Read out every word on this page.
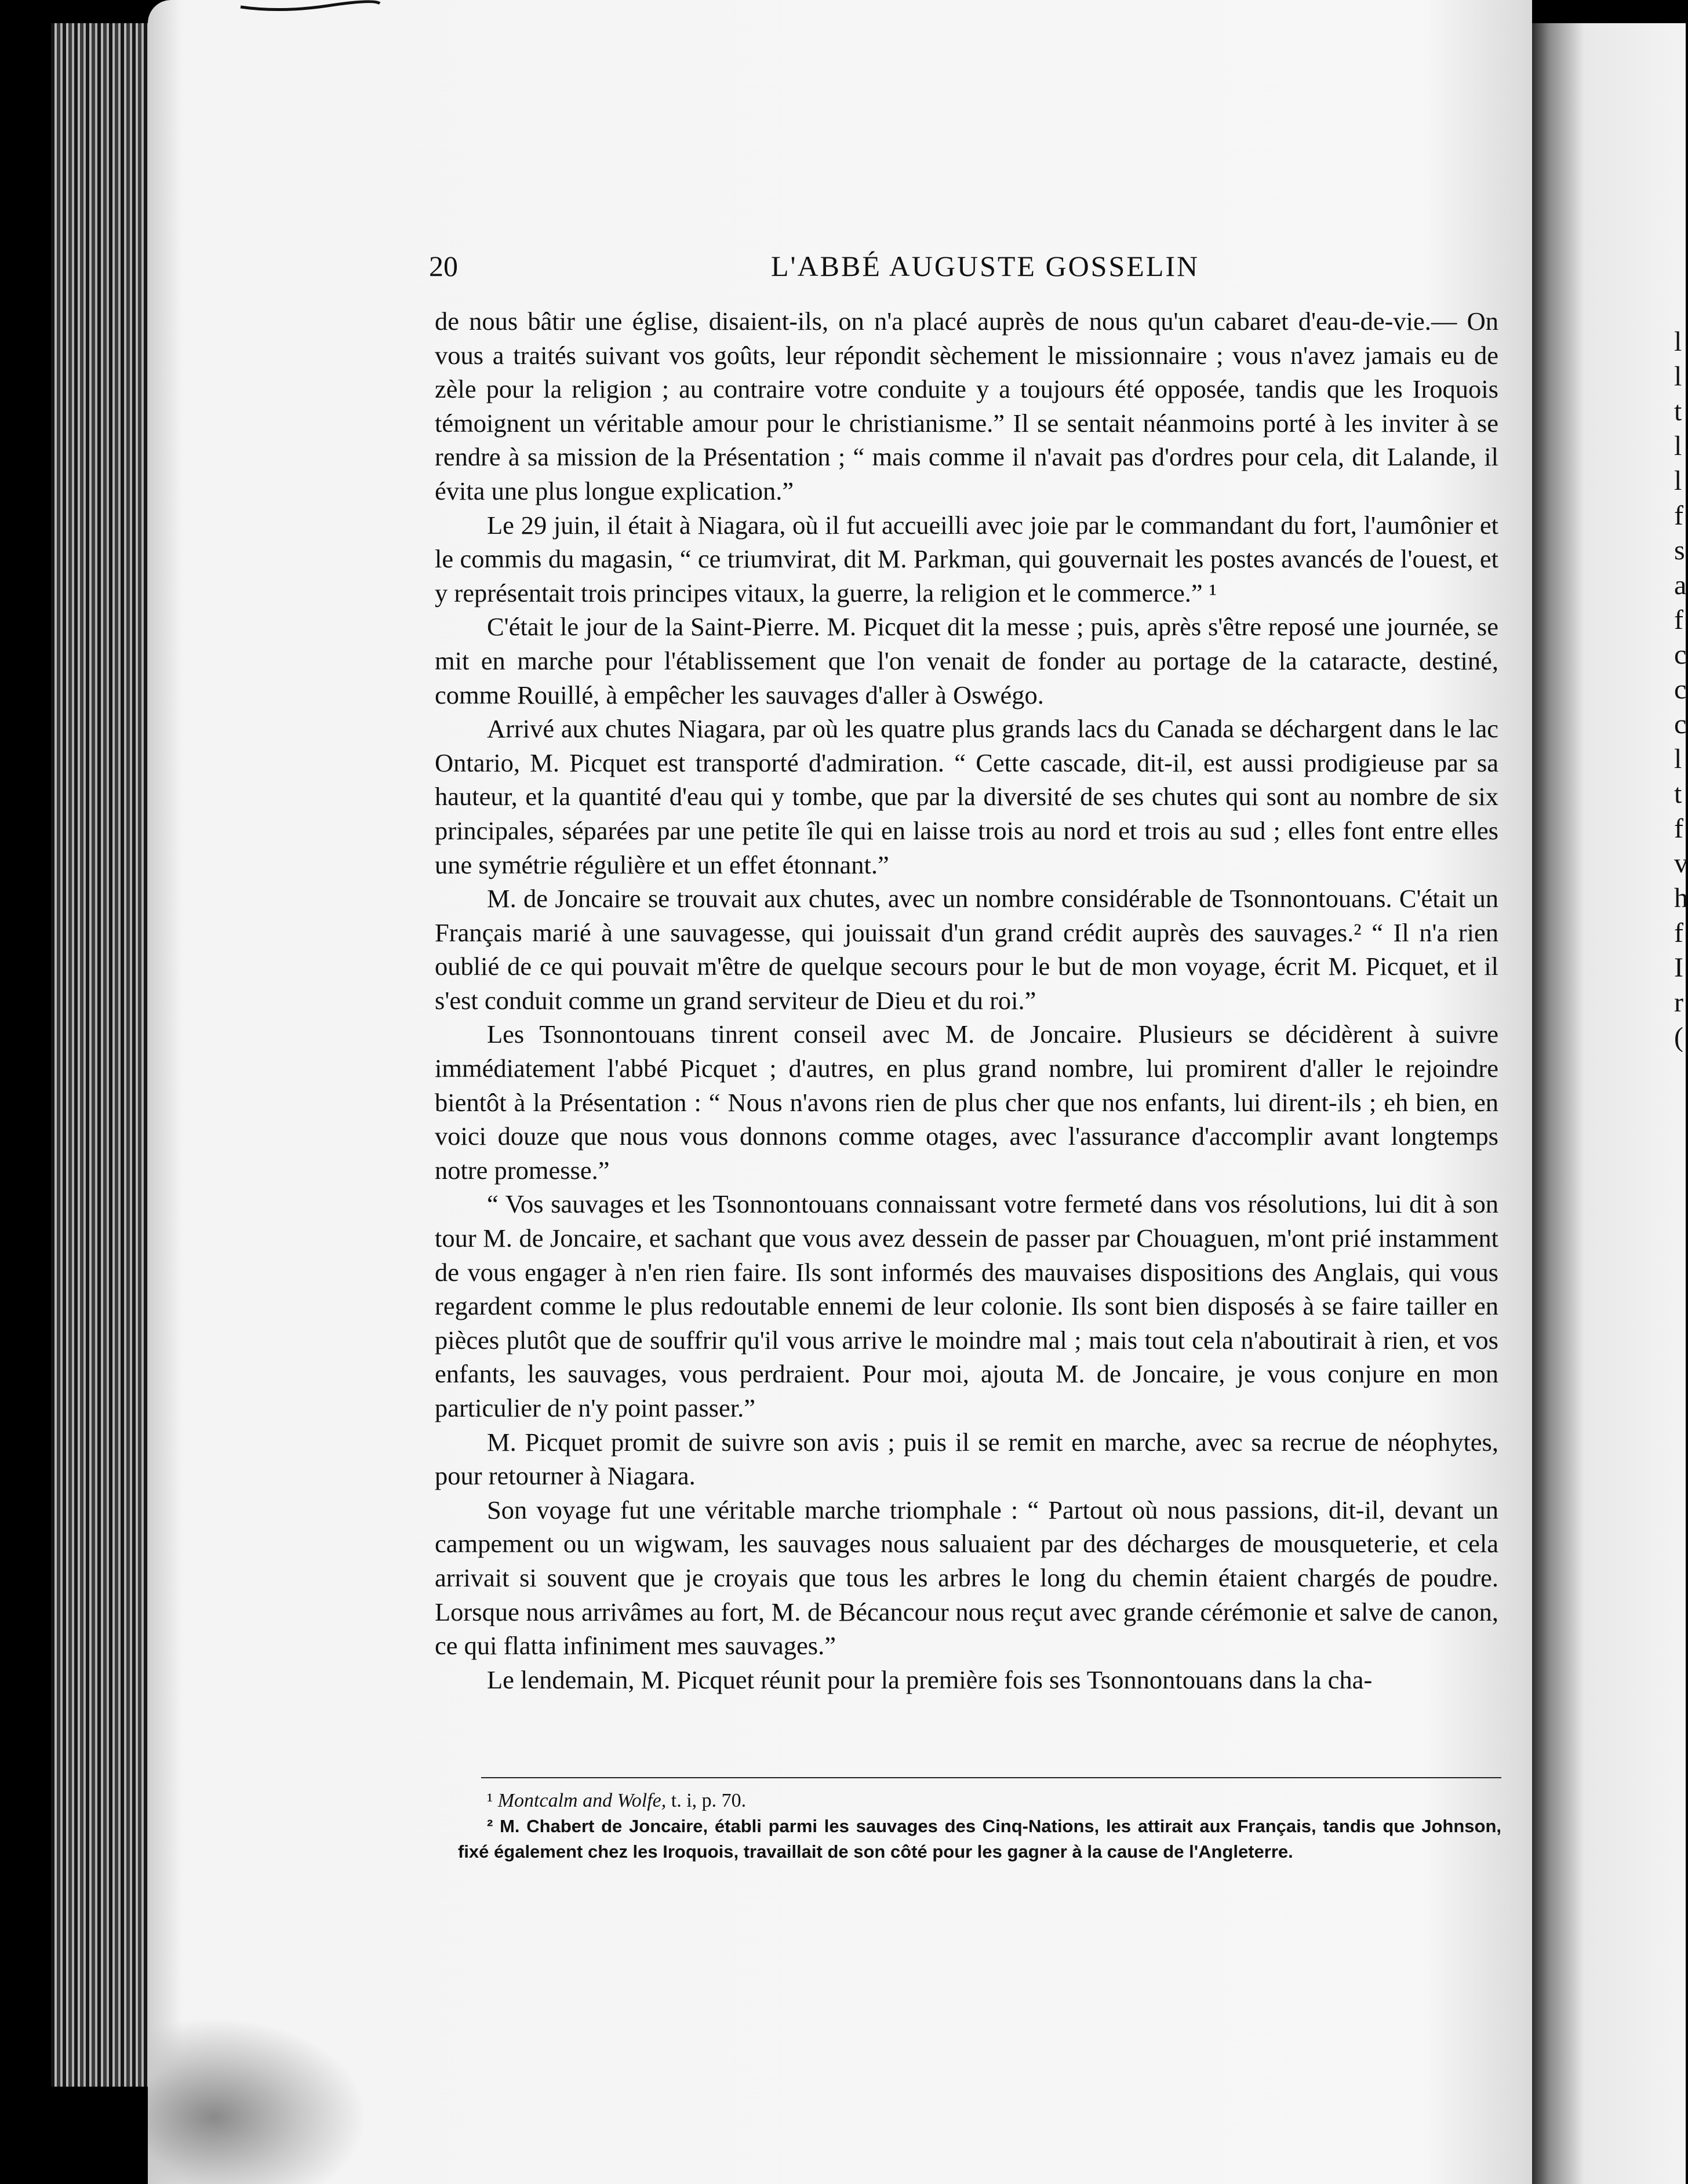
l l t l l f s a f c c c l t f v h f I r (
20	L'ABBÉ AUGUSTE GOSSELIN

de nous bâtir une église, disaient-ils, on n'a placé auprès de nous qu'un cabaret d'eau-de-vie.— On vous a traités suivant vos goûts, leur répondit sèchement le missionnaire ; vous n'avez jamais eu de zèle pour la religion ; au contraire votre conduite y a toujours été opposée, tandis que les Iroquois témoignent un véritable amour pour le christianisme.” Il se sentait néanmoins porté à les inviter à se rendre à sa mission de la Présentation ; “ mais comme il n'avait pas d'ordres pour cela, dit Lalande, il évita une plus longue explication.”

Le 29 juin, il était à Niagara, où il fut accueilli avec joie par le commandant du fort, l'aumônier et le commis du magasin, “ ce triumvirat, dit M. Parkman, qui gouvernait les postes avancés de l'ouest, et y représentait trois principes vitaux, la guerre, la religion et le commerce.” ¹

C'était le jour de la Saint-Pierre. M. Picquet dit la messe ; puis, après s'être reposé une journée, se mit en marche pour l'établissement que l'on venait de fonder au portage de la cataracte, destiné, comme Rouillé, à empêcher les sauvages d'aller à Oswégo.

Arrivé aux chutes Niagara, par où les quatre plus grands lacs du Canada se déchargent dans le lac Ontario, M. Picquet est transporté d'admiration. “ Cette cascade, dit-il, est aussi prodigieuse par sa hauteur, et la quantité d'eau qui y tombe, que par la diversité de ses chutes qui sont au nombre de six principales, séparées par une petite île qui en laisse trois au nord et trois au sud ; elles font entre elles une symétrie régulière et un effet étonnant.”

M. de Joncaire se trouvait aux chutes, avec un nombre considérable de Tsonnontouans. C'était un Français marié à une sauvagesse, qui jouissait d'un grand crédit auprès des sauvages.² “ Il n'a rien oublié de ce qui pouvait m'être de quelque secours pour le but de mon voyage, écrit M. Picquet, et il s'est conduit comme un grand serviteur de Dieu et du roi.”

Les Tsonnontouans tinrent conseil avec M. de Joncaire. Plusieurs se décidèrent à suivre immédiatement l'abbé Picquet ; d'autres, en plus grand nombre, lui promirent d'aller le rejoindre bientôt à la Présentation : “ Nous n'avons rien de plus cher que nos enfants, lui dirent-ils ; eh bien, en voici douze que nous vous donnons comme otages, avec l'assurance d'accomplir avant longtemps notre promesse.”

“ Vos sauvages et les Tsonnontouans connaissant votre fermeté dans vos résolutions, lui dit à son tour M. de Joncaire, et sachant que vous avez dessein de passer par Chouaguen, m'ont prié instamment de vous engager à n'en rien faire. Ils sont informés des mauvaises dispositions des Anglais, qui vous regardent comme le plus redoutable ennemi de leur colonie. Ils sont bien disposés à se faire tailler en pièces plutôt que de souffrir qu'il vous arrive le moindre mal ; mais tout cela n'aboutirait à rien, et vos enfants, les sauvages, vous perdraient. Pour moi, ajouta M. de Joncaire, je vous conjure en mon particulier de n'y point passer.”

M. Picquet promit de suivre son avis ; puis il se remit en marche, avec sa recrue de néophytes, pour retourner à Niagara.

Son voyage fut une véritable marche triomphale : “ Partout où nous passions, dit-il, devant un campement ou un wigwam, les sauvages nous saluaient par des décharges de mousqueterie, et cela arrivait si souvent que je croyais que tous les arbres le long du chemin étaient chargés de poudre. Lorsque nous arrivâmes au fort, M. de Bécancour nous reçut avec grande cérémonie et salve de canon, ce qui flatta infiniment mes sauvages.”

Le lendemain, M. Picquet réunit pour la première fois ses Tsonnontouans dans la cha-

¹ Montcalm and Wolfe, t. i, p. 70.

² M. Chabert de Joncaire, établi parmi les sauvages des Cinq-Nations, les attirait aux Français, tandis que Johnson, fixé également chez les Iroquois, travaillait de son côté pour les gagner à la cause de l'Angleterre.
